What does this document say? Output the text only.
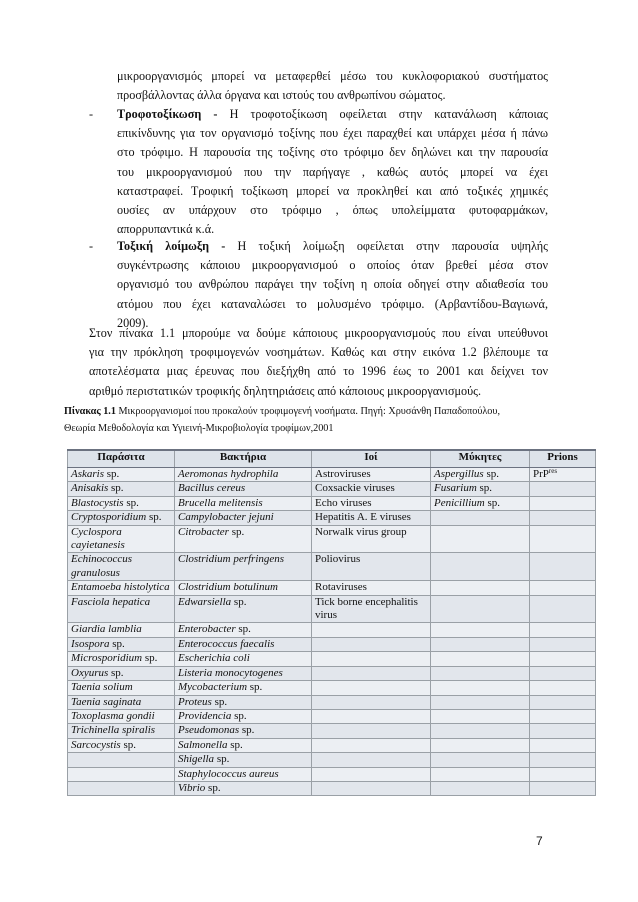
μικροοργανισμός μπορεί να μεταφερθεί μέσω του κυκλοφοριακού συστήματος
προσβάλλοντας άλλα όργανα και ιστούς του ανθρωπίνου σώματος.
- Τροφοτοξίκωση - Η τροφοτοξίκωση οφείλεται στην κατανάλωση κάποιας
επικίνδυνης για τον οργανισμό τοξίνης που έχει παραχθεί και υπάρχει μέσα ή πάνω
στο τρόφιμο. Η παρουσία της τοξίνης στο τρόφιμο δεν δηλώνει και την παρουσία
του μικροοργανισμού που την παρήγαγε , καθώς αυτός μπορεί να έχει
καταστραφεί. Τροφική τοξίκωση μπορεί να προκληθεί και από τοξικές χημικές
ουσίες αν υπάρχουν στο τρόφιμο , όπως υπολείμματα φυτοφαρμάκων,
απορρυπαντικά κ.ά.
- Τοξική λοίμωξη - Η τοξική λοίμωξη οφείλεται στην παρουσία υψηλής
συγκέντρωσης κάποιου μικροοργανισμού ο οποίος όταν βρεθεί μέσα στον
οργανισμό του ανθρώπου παράγει την τοξίνη η οποία οδηγεί στην αδιαθεσία του
ατόμου που έχει καταναλώσει το μολυσμένο τρόφιμο. (Αρβαντίδου-Βαγιωνά,
2009).
Στον πίνακα 1.1 μπορούμε να δούμε κάποιους μικροοργανισμούς που είναι υπεύθυνοι
για την πρόκληση τροφιμογενών νοσημάτων. Καθώς και στην εικόνα 1.2 βλέπουμε τα
αποτελέσματα μιας έρευνας που διεξήχθη από το 1996 έως το 2001 και δείχνει τον
αριθμό περιστατικών τροφικής δηλητηριάσεις από κάποιους μικροοργανισμούς.
Πίνακας 1.1 Μικροοργανισμοί που προκαλούν τροφιμογενή νοσήματα. Πηγή: Χρυσάνθη Παπαδοπούλου,
Θεωρία Μεθοδολογία και Υγιεινή-Μικροβιολογία τροφίμων,2001
Παράσιτα	Βακτήρια	Ιοί	Μύκητες	Prions
Askaris sp.	Aeromonas hydrophila	Astroviruses	Aspergillus sp.	PrP$^{res}$
Anisakis sp.	Bacillus cereus	Coxsackie viruses	Fusarium sp.	
Blastocystis sp.	Brucella melitensis	Echo viruses	Penicillium sp.	
Cryptosporidium sp.	Campylobacter jejuni	Hepatitis A. E viruses		
Cyclospora cayietanesis	Citrobacter sp.	Norwalk virus group		
Echinococcus granulosus	Clostridium perfringens	Poliovirus		
Entamoeba histolytica	Clostridium botulinum	Rotaviruses		
Fasciola hepatica	Edwarsiella sp.	Tick borne encephalitis virus		
Giardia lamblia	Enterobacter sp.			
Isospora sp.	Enterococcus faecalis			
Microsporidium sp.	Escherichia coli			
Oxyurus sp.	Listeria monocytogenes			
Taenia solium	Mycobacterium sp.			
Taenia saginata	Proteus sp.			
Toxoplasma gondii	Providencia sp.			
Trichinella spiralis	Pseudomonas sp.			
Sarcocystis sp.	Salmonella sp.			
	Shigella sp.			
	Staphylococcus aureus			
	Vibrio sp.			
7
